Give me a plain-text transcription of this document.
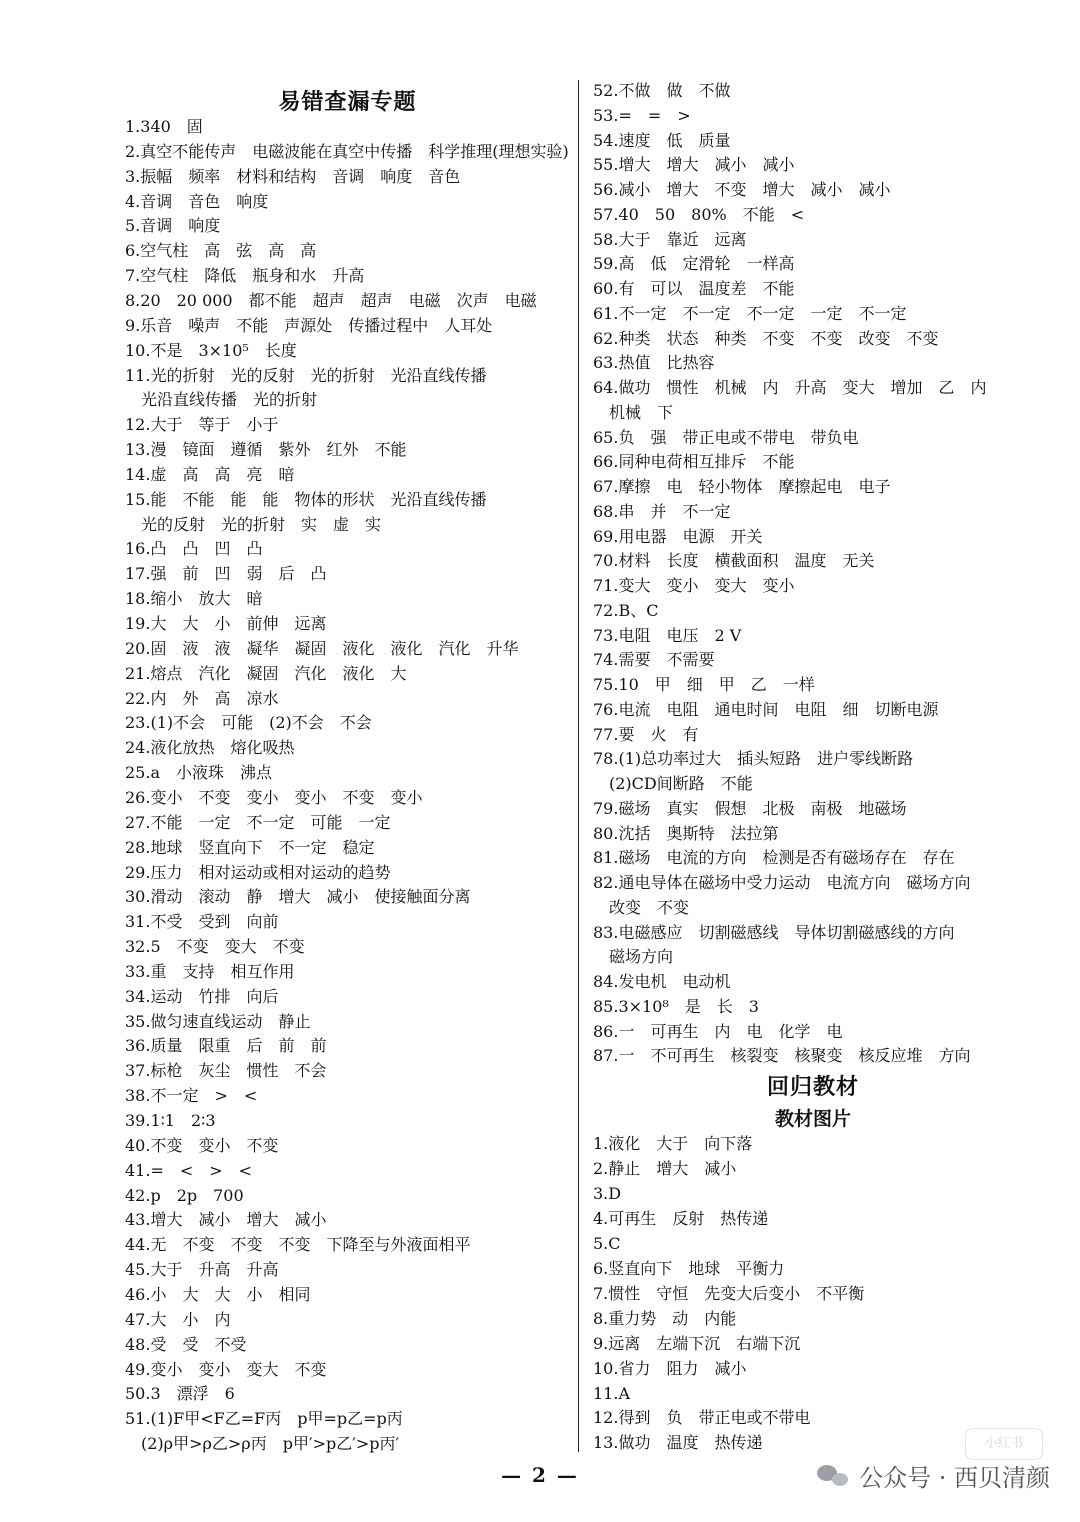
易错查漏专题
1.340　固
2.真空不能传声　电磁波能在真空中传播　科学推理(理想实验)
3.振幅　频率　材料和结构　音调　响度　音色
4.音调　音色　响度
5.音调　响度
6.空气柱　高　弦　高　高
7.空气柱　降低　瓶身和水　升高
8.20　20 000　都不能　超声　超声　电磁　次声　电磁
9.乐音　噪声　不能　声源处　传播过程中　人耳处
10.不是　3×10⁵　长度
11.光的折射　光的反射　光的折射　光沿直线传播
　光沿直线传播　光的折射
12.大于　等于　小于
13.漫　镜面　遵循　紫外　红外　不能
14.虚　高　高　亮　暗
15.能　不能　能　能　物体的形状　光沿直线传播
　光的反射　光的折射　实　虚　实
16.凸　凸　凹　凸
17.强　前　凹　弱　后　凸
18.缩小　放大　暗
19.大　大　小　前伸　远离
20.固　液　液　凝华　凝固　液化　液化　汽化　升华
21.熔点　汽化　凝固　汽化　液化　大
22.内　外　高　凉水
23.(1)不会　可能　(2)不会　不会
24.液化放热　熔化吸热
25.a　小液珠　沸点
26.变小　不变　变小　变小　不变　变小
27.不能　一定　不一定　可能　一定
28.地球　竖直向下　不一定　稳定
29.压力　相对运动或相对运动的趋势
30.滑动　滚动　静　增大　减小　使接触面分离
31.不受　受到　向前
32.5　不变　变大　不变
33.重　支持　相互作用
34.运动　竹排　向后
35.做匀速直线运动　静止
36.质量　限重　后　前　前
37.标枪　灰尘　惯性　不会
38.不一定　>　<
39.1∶1　2∶3
40.不变　变小　不变
41.=　<　>　<
42.p　2p　700
43.增大　减小　增大　减小
44.无　不变　不变　不变　下降至与外液面相平
45.大于　升高　升高
46.小　大　大　小　相同
47.大　小　内
48.受　受　不受
49.变小　变小　变大　不变
50.3　漂浮　6
51.(1)F甲<F乙=F丙　p甲=p乙=p丙
　(2)ρ甲>ρ乙>ρ丙　p甲′>p乙′>p丙′
52.不做　做　不做
53.=　=　>
54.速度　低　质量
55.增大　增大　减小　减小
56.减小　增大　不变　增大　减小　减小
57.40　50　80%　不能　<
58.大于　靠近　远离
59.高　低　定滑轮　一样高
60.有　可以　温度差　不能
61.不一定　不一定　不一定　一定　不一定
62.种类　状态　种类　不变　不变　改变　不变
63.热值　比热容
64.做功　惯性　机械　内　升高　变大　增加　乙　内
　机械　下
65.负　强　带正电或不带电　带负电
66.同种电荷相互排斥　不能
67.摩擦　电　轻小物体　摩擦起电　电子
68.串　并　不一定
69.用电器　电源　开关
70.材料　长度　横截面积　温度　无关
71.变大　变小　变大　变小
72.B、C
73.电阻　电压　2 V
74.需要　不需要
75.10　甲　细　甲　乙　一样
76.电流　电阻　通电时间　电阻　细　切断电源
77.要　火　有
78.(1)总功率过大　插头短路　进户零线断路
　(2)CD间断路　不能
79.磁场　真实　假想　北极　南极　地磁场
80.沈括　奥斯特　法拉第
81.磁场　电流的方向　检测是否有磁场存在　存在
82.通电导体在磁场中受力运动　电流方向　磁场方向
　改变　不变
83.电磁感应　切割磁感线　导体切割磁感线的方向
　磁场方向
84.发电机　电动机
85.3×10⁸　是　长　3
86.一　可再生　内　电　化学　电
87.一　不可再生　核裂变　核聚变　核反应堆　方向
回归教材
教材图片
1.液化　大于　向下落
2.静止　增大　减小
3.D
4.可再生　反射　热传递
5.C
6.竖直向下　地球　平衡力
7.惯性　守恒　先变大后变小　不平衡
8.重力势　动　内能
9.远离　左端下沉　右端下沉
10.省力　阻力　减小
11.A
12.得到　负　带正电或不带电
13.做功　温度　热传递
— 2 —
小红书
公众号 · 西贝清颜
